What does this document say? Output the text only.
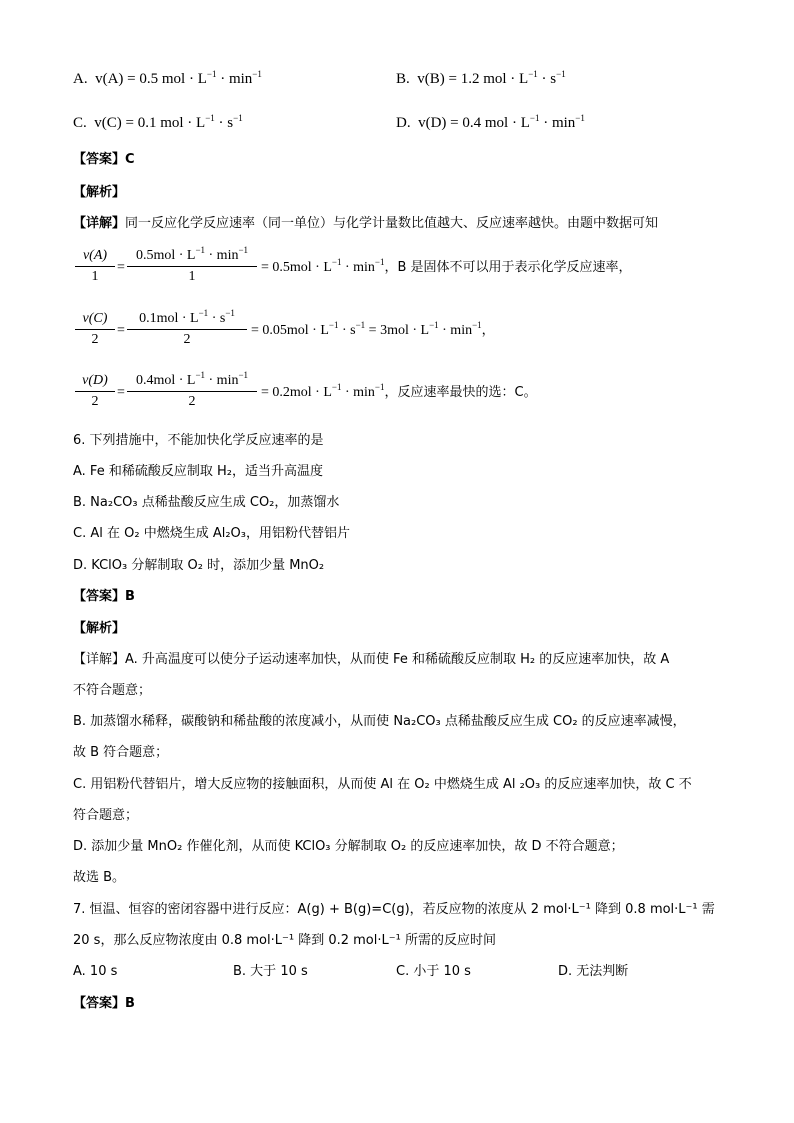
A. v(A) = 0.5 mol · $L^{-1} \cdot \min^{-1}$	B. v(B) = 1.2 mol · $L^{-1} \cdot s^{-1}$
C. v(C) = 0.1 mol · $L^{-1} \cdot s^{-1}$	D. v(D) = 0.4 mol · $L^{-1} \cdot \min^{-1}$
【答案】C
【解析】
【详解】同一反应化学反应速率（同一单位）与化学计量数比值越大、反应速率越快。由题中数据可知
v(A)
1
=
$0.5mol \cdot L^{-1} \cdot \min^{-1}$
1
= $0.5mol \cdot L^{-1} \cdot \min^{-1}$，B 是固体不可以用于表示化学反应速率，
v(C)
2
=
$0.1mol \cdot L^{-1} \cdot s^{-1}$
2
= $0.05mol \cdot L^{-1} \cdot s^{-1} = 3mol \cdot L^{-1} \cdot \min^{-1}$，
v(D)
2
=
$0.4mol \cdot L^{-1} \cdot \min^{-1}$
2
= $0.2mol \cdot L^{-1} \cdot \min^{-1}$，反应速率最快的选：C。
6. 下列措施中，不能加快化学反应速率的是
A. Fe 和稀硫酸反应制取 H₂，适当升高温度
B. Na₂CO₃ 点稀盐酸反应生成 CO₂，加蒸馏水
C. Al 在 O₂ 中燃烧生成 Al₂O₃，用铝粉代替铝片
D. KClO₃ 分解制取 O₂ 时，添加少量 MnO₂
【答案】B
【解析】
【详解】A. 升高温度可以使分子运动速率加快，从而使 Fe 和稀硫酸反应制取 H₂ 的反应速率加快，故 A
不符合题意；
B. 加蒸馏水稀释，碳酸钠和稀盐酸的浓度减小，从而使 Na₂CO₃ 点稀盐酸反应生成 CO₂ 的反应速率减慢，
故 B 符合题意；
C. 用铝粉代替铝片，增大反应物的接触面积，从而使 Al 在 O₂ 中燃烧生成 Al ₂O₃ 的反应速率加快，故 C 不
符合题意；
D. 添加少量 MnO₂ 作催化剂，从而使 KClO₃ 分解制取 O₂ 的反应速率加快，故 D 不符合题意；
故选 B。
7. 恒温、恒容的密闭容器中进行反应：A(g) + B(g)=C(g)，若反应物的浓度从 2 mol·L⁻¹ 降到 0.8 mol·L⁻¹ 需
20 s，那么反应物浓度由 0.8 mol·L⁻¹ 降到 0.2 mol·L⁻¹ 所需的反应时间
A. 10 s	B. 大于 10 s	C. 小于 10 s	D. 无法判断
【答案】B
